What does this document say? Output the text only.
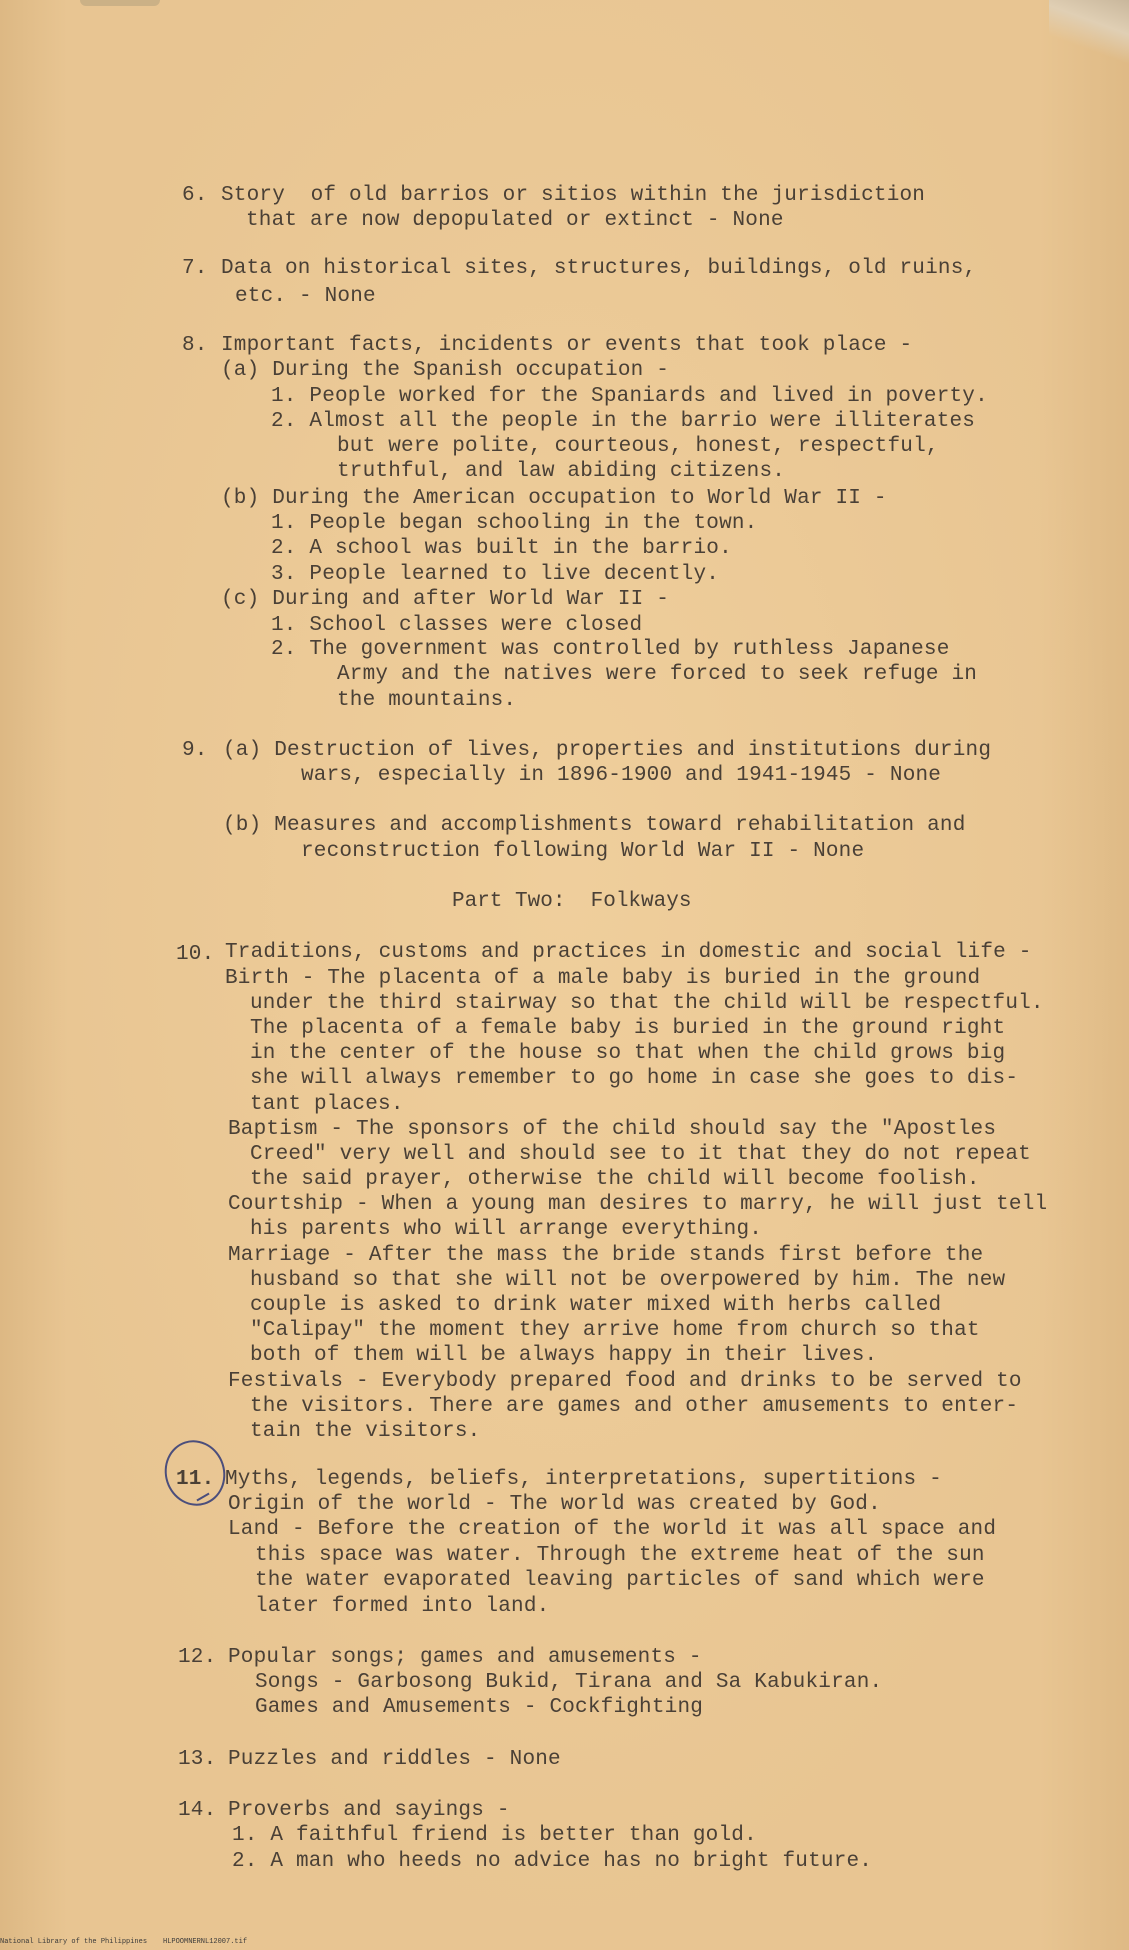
6. Story  of old barrios or sitios within the jurisdiction
that are now depopulated or extinct - None
7. Data on historical sites, structures, buildings, old ruins,
etc. - None
8. Important facts, incidents or events that took place -
(a) During the Spanish occupation -
1. People worked for the Spaniards and lived in poverty.
2. Almost all the people in the barrio were illiterates
but were polite, courteous, honest, respectful,
truthful, and law abiding citizens.
(b) During the American occupation to World War II -
1. People began schooling in the town.
2. A school was built in the barrio.
3. People learned to live decently.
(c) During and after World War II -
1. School classes were closed
2. The government was controlled by ruthless Japanese
Army and the natives were forced to seek refuge in
the mountains.
9. (a) Destruction of lives, properties and institutions during
wars, especially in 1896-1900 and 1941-1945 - None
(b) Measures and accomplishments toward rehabilitation and
reconstruction following World War II - None
Part Two:  Folkways
10. Traditions, customs and practices in domestic and social life -
Birth - The placenta of a male baby is buried in the ground
under the third stairway so that the child will be respectful.
The placenta of a female baby is buried in the ground right
in the center of the house so that when the child grows big
she will always remember to go home in case she goes to dis-
tant places.
Baptism - The sponsors of the child should say the "Apostles
Creed" very well and should see to it that they do not repeat
the said prayer, otherwise the child will become foolish.
Courtship - When a young man desires to marry, he will just tell
his parents who will arrange everything.
Marriage - After the mass the bride stands first before the
husband so that she will not be overpowered by him. The new
couple is asked to drink water mixed with herbs called
"Calipay" the moment they arrive home from church so that
both of them will be always happy in their lives.
Festivals - Everybody prepared food and drinks to be served to
the visitors. There are games and other amusements to enter-
tain the visitors.
11. Myths, legends, beliefs, interpretations, supertitions -
Origin of the world - The world was created by God.
Land - Before the creation of the world it was all space and
this space was water. Through the extreme heat of the sun
the water evaporated leaving particles of sand which were
later formed into land.
12. Popular songs; games and amusements -
Songs - Garbosong Bukid, Tirana and Sa Kabukiran.
Games and Amusements - Cockfighting
13. Puzzles and riddles - None
14. Proverbs and sayings -
1. A faithful friend is better than gold.
2. A man who heeds no advice has no bright future.
National Library of the Philippines HLPOOMNERNL12007.tif
